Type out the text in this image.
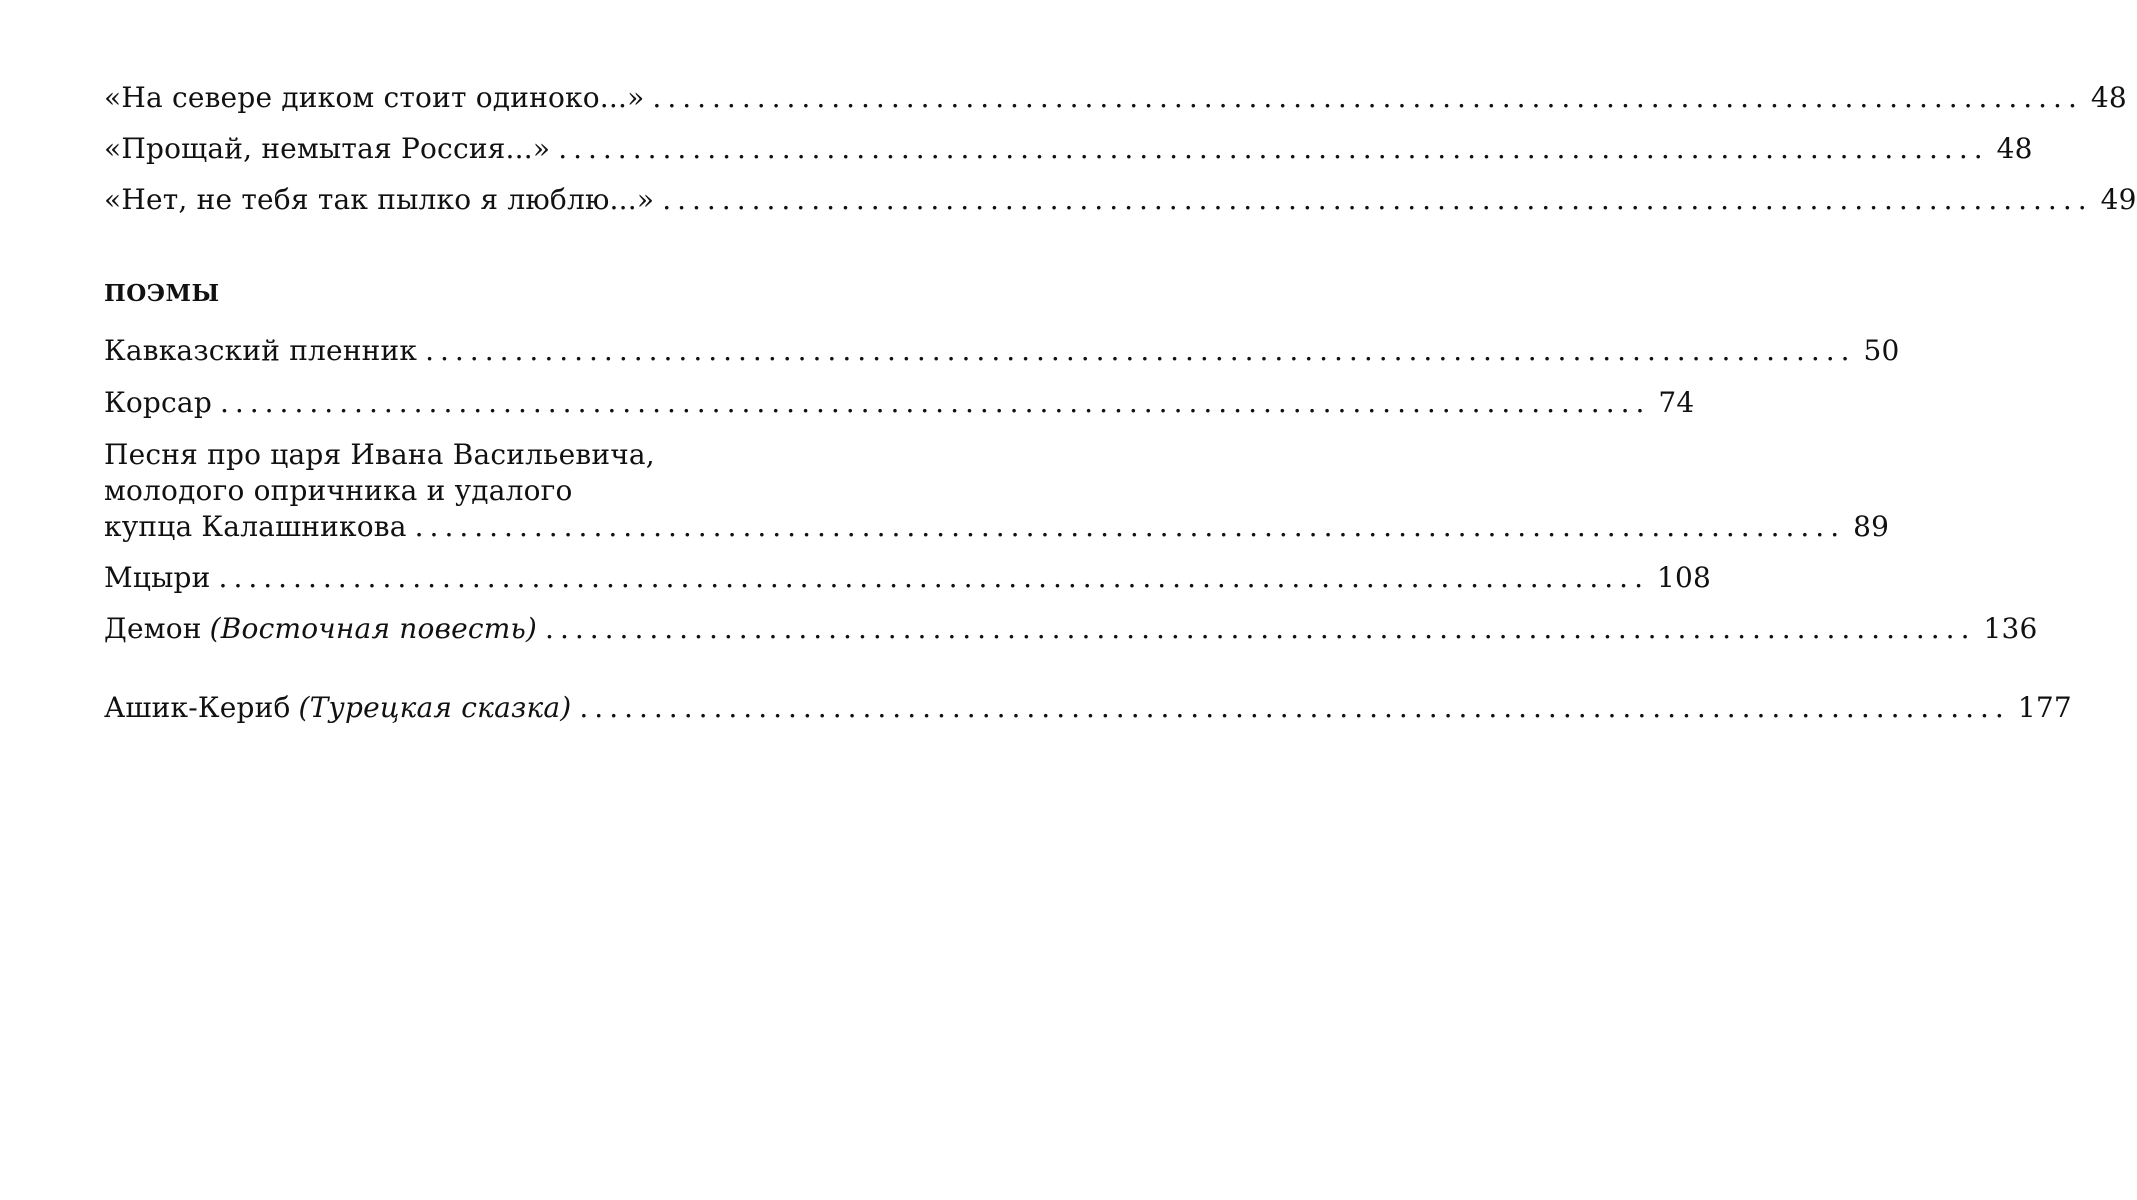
«На севере диком стоит одиноко...» ................................................................................................ 48
«Прощай, немытая Россия...» ................................................................................................ 48
«Нет, не тебя так пылко я люблю...» ................................................................................................ 49
ПОЭМЫ
Кавказский пленник ................................................................................................ 50
Корсар ................................................................................................ 74
Песня про царя Ивана Васильевича,
молодого опричника и удалого
купца Калашникова ................................................................................................ 89
Мцыри ................................................................................................ 108
Демон (Восточная повесть) ................................................................................................ 136
Ашик-Кериб (Турецкая сказка) ................................................................................................ 177
